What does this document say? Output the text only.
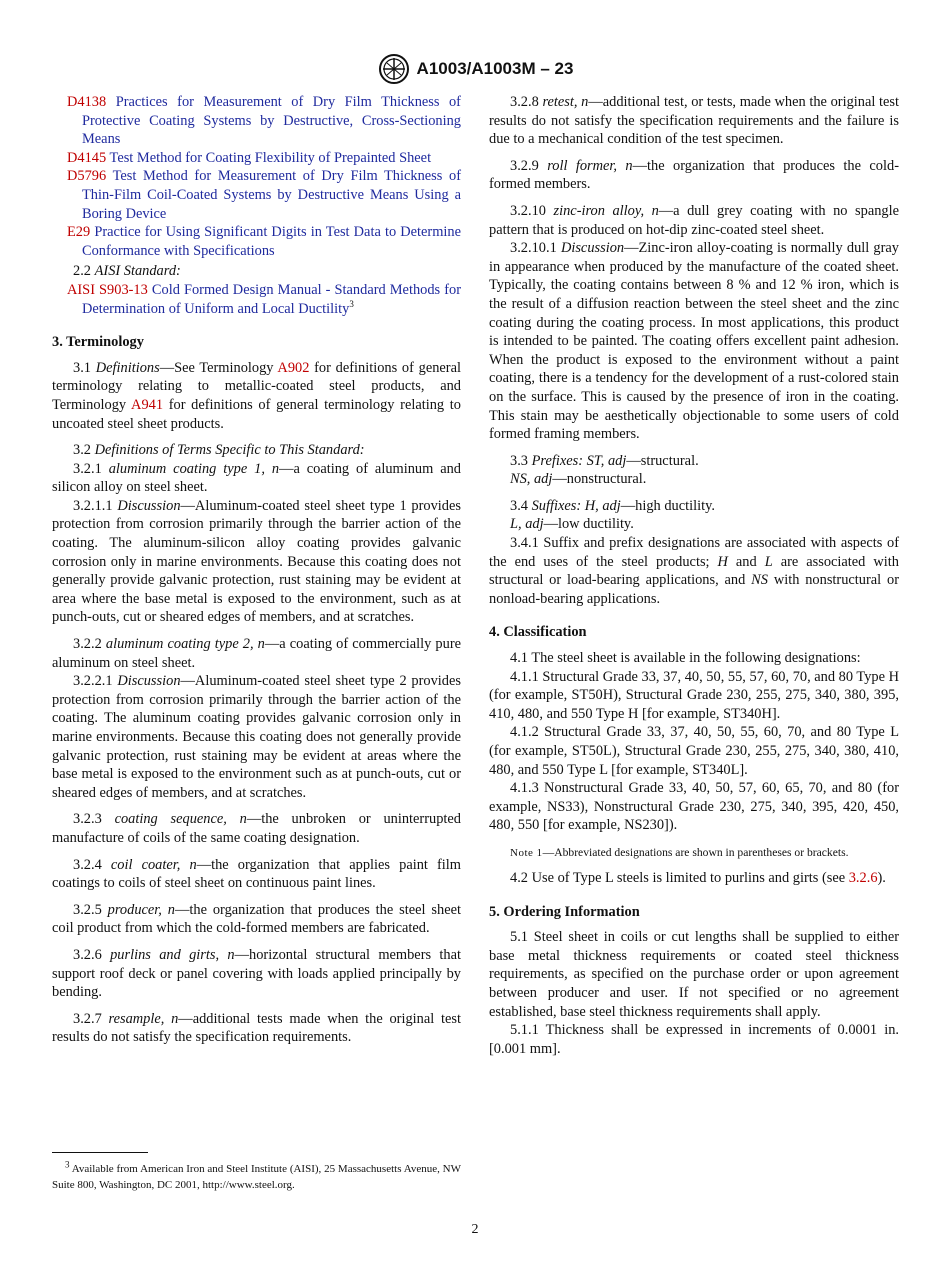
A1003/A1003M – 23

D4138 Practices for Measurement of Dry Film Thickness of Protective Coating Systems by Destructive, Cross-Sectioning Means

D4145 Test Method for Coating Flexibility of Prepainted Sheet

D5796 Test Method for Measurement of Dry Film Thickness of Thin-Film Coil-Coated Systems by Destructive Means Using a Boring Device

E29 Practice for Using Significant Digits in Test Data to Determine Conformance with Specifications

2.2 AISI Standard:

AISI S903-13 Cold Formed Design Manual - Standard Methods for Determination of Uniform and Local Ductility$^3$

3. Terminology

3.1 Definitions—See Terminology A902 for definitions of general terminology relating to metallic-coated steel products, and Terminology A941 for definitions of general terminology relating to uncoated steel sheet products.

3.2 Definitions of Terms Specific to This Standard:

3.2.1 aluminum coating type 1, n—a coating of aluminum and silicon alloy on steel sheet.

3.2.1.1 Discussion—Aluminum-coated steel sheet type 1 provides protection from corrosion primarily through the barrier action of the coating. The aluminum-silicon alloy coating provides galvanic corrosion only in marine environments. Because this coating does not generally provide galvanic protection, rust staining may be evident at area where the base metal is exposed to the environment, such as at punch-outs, cut or sheared edges of members, and at scratches.

3.2.2 aluminum coating type 2, n—a coating of commercially pure aluminum on steel sheet.

3.2.2.1 Discussion—Aluminum-coated steel sheet type 2 provides protection from corrosion primarily through the barrier action of the coating. The aluminum coating provides galvanic corrosion only in marine environments. Because this coating does not generally provide galvanic protection, rust staining may be evident at areas where the base metal is exposed to the environment such as at punch-outs, cut or sheared edges of members, and at scratches.

3.2.3 coating sequence, n—the unbroken or uninterrupted manufacture of coils of the same coating designation.

3.2.4 coil coater, n—the organization that applies paint film coatings to coils of steel sheet on continuous paint lines.

3.2.5 producer, n—the organization that produces the steel sheet coil product from which the cold-formed members are fabricated.

3.2.6 purlins and girts, n—horizontal structural members that support roof deck or panel covering with loads applied principally by bending.

3.2.7 resample, n—additional tests made when the original test results do not satisfy the specification requirements.

3.2.8 retest, n—additional test, or tests, made when the original test results do not satisfy the specification requirements and the failure is due to a mechanical condition of the test specimen.

3.2.9 roll former, n—the organization that produces the cold-formed members.

3.2.10 zinc-iron alloy, n—a dull grey coating with no spangle pattern that is produced on hot-dip zinc-coated steel sheet.

3.2.10.1 Discussion—Zinc-iron alloy-coating is normally dull gray in appearance when produced by the manufacture of the coated sheet. Typically, the coating contains between 8 % and 12 % iron, which is the result of a diffusion reaction between the steel sheet and the zinc coating during the coating process. In most applications, this product is intended to be painted. The coating offers excellent paint adhesion. When the product is exposed to the environment without a paint coating, there is a tendency for the development of a rust-colored stain on the surface. This is caused by the presence of iron in the coating. This stain may be aesthetically objectionable to some users of cold formed framing members.

3.3 Prefixes: ST, adj—structural.

NS, adj—nonstructural.

3.4 Suffixes: H, adj—high ductility.

L, adj—low ductility.

3.4.1 Suffix and prefix designations are associated with aspects of the end uses of the steel products; H and L are associated with structural or load-bearing applications, and NS with nonstructural or nonload-bearing applications.

4. Classification

4.1 The steel sheet is available in the following designations:

4.1.1 Structural Grade 33, 37, 40, 50, 55, 57, 60, 70, and 80 Type H (for example, ST50H), Structural Grade 230, 255, 275, 340, 380, 395, 410, 480, and 550 Type H [for example, ST340H].

4.1.2 Structural Grade 33, 37, 40, 50, 55, 60, 70, and 80 Type L (for example, ST50L), Structural Grade 230, 255, 275, 340, 380, 410, 480, and 550 Type L [for example, ST340L].

4.1.3 Nonstructural Grade 33, 40, 50, 57, 60, 65, 70, and 80 (for example, NS33), Nonstructural Grade 230, 275, 340, 395, 420, 450, 480, 550 [for example, NS230]).

Note 1—Abbreviated designations are shown in parentheses or brackets.

4.2 Use of Type L steels is limited to purlins and girts (see 3.2.6).

5. Ordering Information

5.1 Steel sheet in coils or cut lengths shall be supplied to either base metal thickness requirements or coated steel thickness requirements, as specified on the purchase order or upon agreement between producer and user. If not specified or no agreement established, base steel thickness requirements shall apply.

5.1.1 Thickness shall be expressed in increments of 0.0001 in. [0.001 mm].

$^3$ Available from American Iron and Steel Institute (AISI), 25 Massachusetts Avenue, NW Suite 800, Washington, DC 2001, http://www.steel.org.

2
